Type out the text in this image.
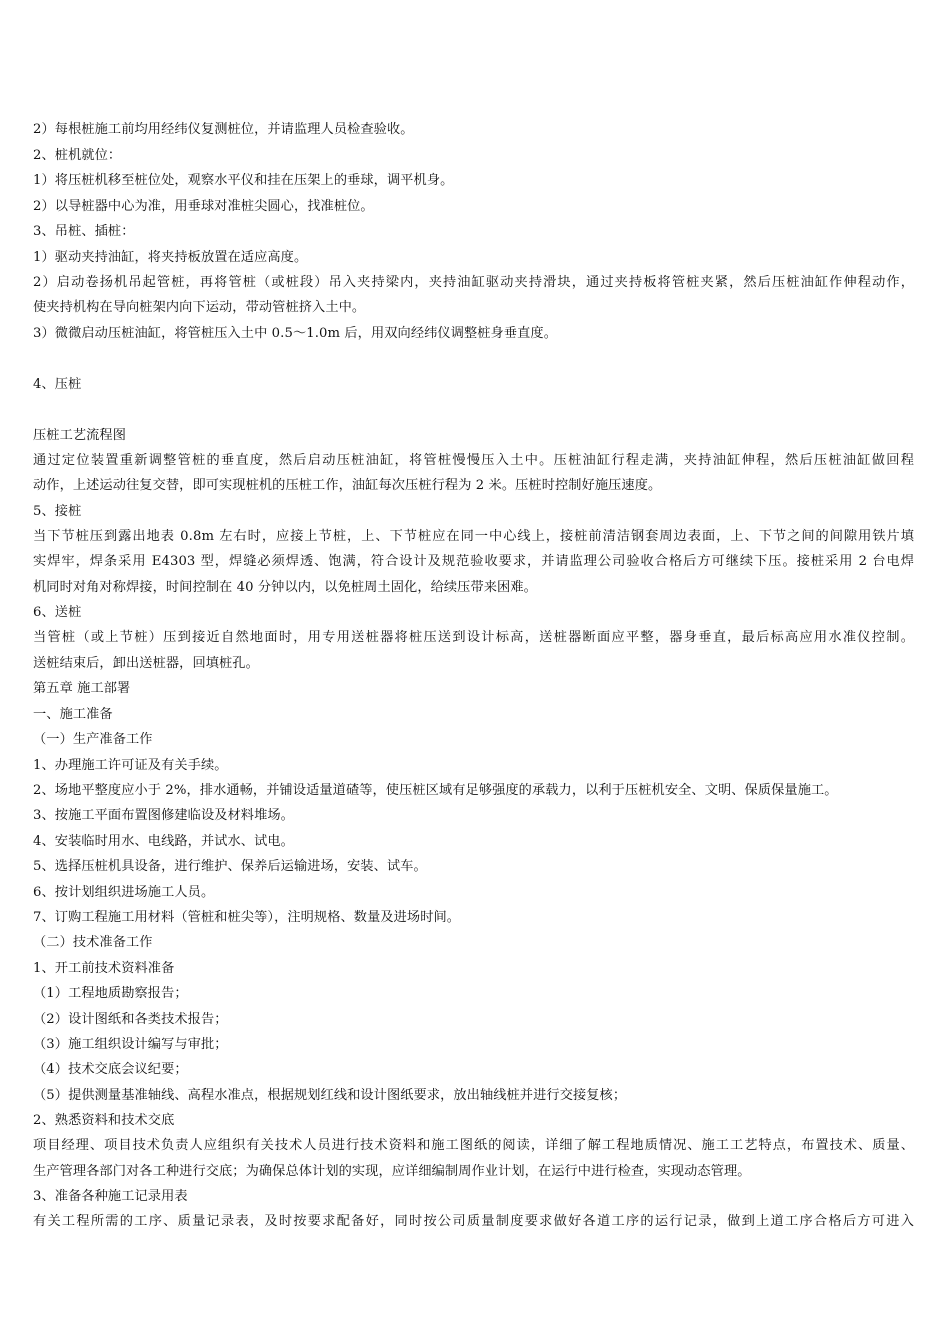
2）每根桩施工前均用经纬仪复测桩位，并请监理人员检查验收。
2、桩机就位：
1）将压桩机移至桩位处，观察水平仪和挂在压架上的垂球，调平机身。
2）以导桩器中心为准，用垂球对准桩尖圆心，找准桩位。
3、吊桩、插桩：
1）驱动夹持油缸，将夹持板放置在适应高度。
2）启动卷扬机吊起管桩，再将管桩（或桩段）吊入夹持梁内，夹持油缸驱动夹持滑块，通过夹持板将管桩夹紧，然后压桩油缸作伸程动作，
使夹持机构在导向桩架内向下运动，带动管桩挤入土中。
3）微微启动压桩油缸，将管桩压入土中 0.5～1.0m 后，用双向经纬仪调整桩身垂直度。
4、压桩
压桩工艺流程图
通过定位装置重新调整管桩的垂直度，然后启动压桩油缸，将管桩慢慢压入土中。压桩油缸行程走满，夹持油缸伸程，然后压桩油缸做回程
动作，上述运动往复交替，即可实现桩机的压桩工作，油缸每次压桩行程为 2 米。压桩时控制好施压速度。
5、接桩
当下节桩压到露出地表 0.8m 左右时，应接上节桩，上、下节桩应在同一中心线上，接桩前清洁钢套周边表面，上、下节之间的间隙用铁片填
实焊牢，焊条采用 E4303 型，焊缝必须焊透、饱满，符合设计及规范验收要求，并请监理公司验收合格后方可继续下压。接桩采用 2 台电焊
机同时对角对称焊接，时间控制在 40 分钟以内，以免桩周土固化，给续压带来困难。
6、送桩
当管桩（或上节桩）压到接近自然地面时，用专用送桩器将桩压送到设计标高，送桩器断面应平整，器身垂直，最后标高应用水准仪控制。
送桩结束后，卸出送桩器，回填桩孔。
第五章 施工部署
一、施工准备
（一）生产准备工作
1、办理施工许可证及有关手续。
2、场地平整度应小于 2%，排水通畅，并铺设适量道碴等，使压桩区域有足够强度的承载力，以利于压桩机安全、文明、保质保量施工。
3、按施工平面布置图修建临设及材料堆场。
4、安装临时用水、电线路，并试水、试电。
5、选择压桩机具设备，进行维护、保养后运输进场，安装、试车。
6、按计划组织进场施工人员。
7、订购工程施工用材料（管桩和桩尖等），注明规格、数量及进场时间。
（二）技术准备工作
1、开工前技术资料准备
（1）工程地质勘察报告；
（2）设计图纸和各类技术报告；
（3）施工组织设计编写与审批；
（4）技术交底会议纪要；
（5）提供测量基准轴线、高程水准点，根据规划红线和设计图纸要求，放出轴线桩并进行交接复核；
2、熟悉资料和技术交底
项目经理、项目技术负责人应组织有关技术人员进行技术资料和施工图纸的阅读，详细了解工程地质情况、施工工艺特点，布置技术、质量、
生产管理各部门对各工种进行交底；为确保总体计划的实现，应详细编制周作业计划，在运行中进行检查，实现动态管理。
3、准备各种施工记录用表
有关工程所需的工序、质量记录表，及时按要求配备好，同时按公司质量制度要求做好各道工序的运行记录，做到上道工序合格后方可进入
